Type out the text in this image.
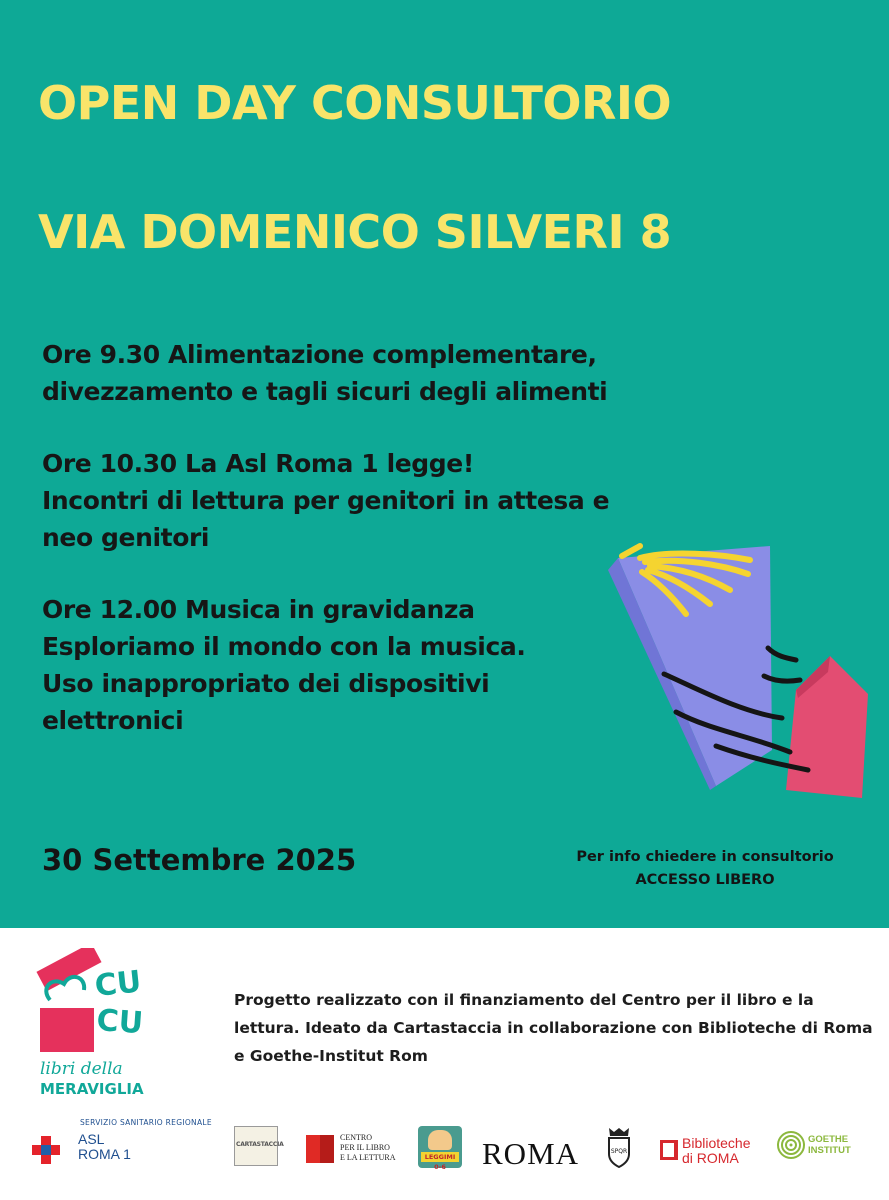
OPEN DAY CONSULTORIO
VIA DOMENICO SILVERI 8

Ore 9.30 Alimentazione complementare,

divezzamento e tagli sicuri degli alimenti

Ore 10.30 La Asl Roma 1 legge!

Incontri di lettura per genitori in attesa e

neo genitori

Ore 12.00 Musica in gravidanza

Esploriamo il mondo con la musica.

Uso inappropriato dei dispositivi

elettronici

30 Settembre 2025	Per info chiedere in consultorio

ACCESSO LIBERO

CU
CU
libri della
MERAVIGLIA

Progetto realizzato con il finanziamento del Centro per il libro e la lettura. Ideato da Cartastaccia in collaborazione con Biblioteche di Roma e Goethe-Institut Rom

SERVIZIO SANITARIO REGIONALE
ASL
ROMA 1
CARTASTACCIA
CENTRO
PER IL LIBRO
E LA LETTURA	LEGGIMI 0-6	ROMA	SPQR
Biblioteche
di ROMA
GOETHE
INSTITUT
